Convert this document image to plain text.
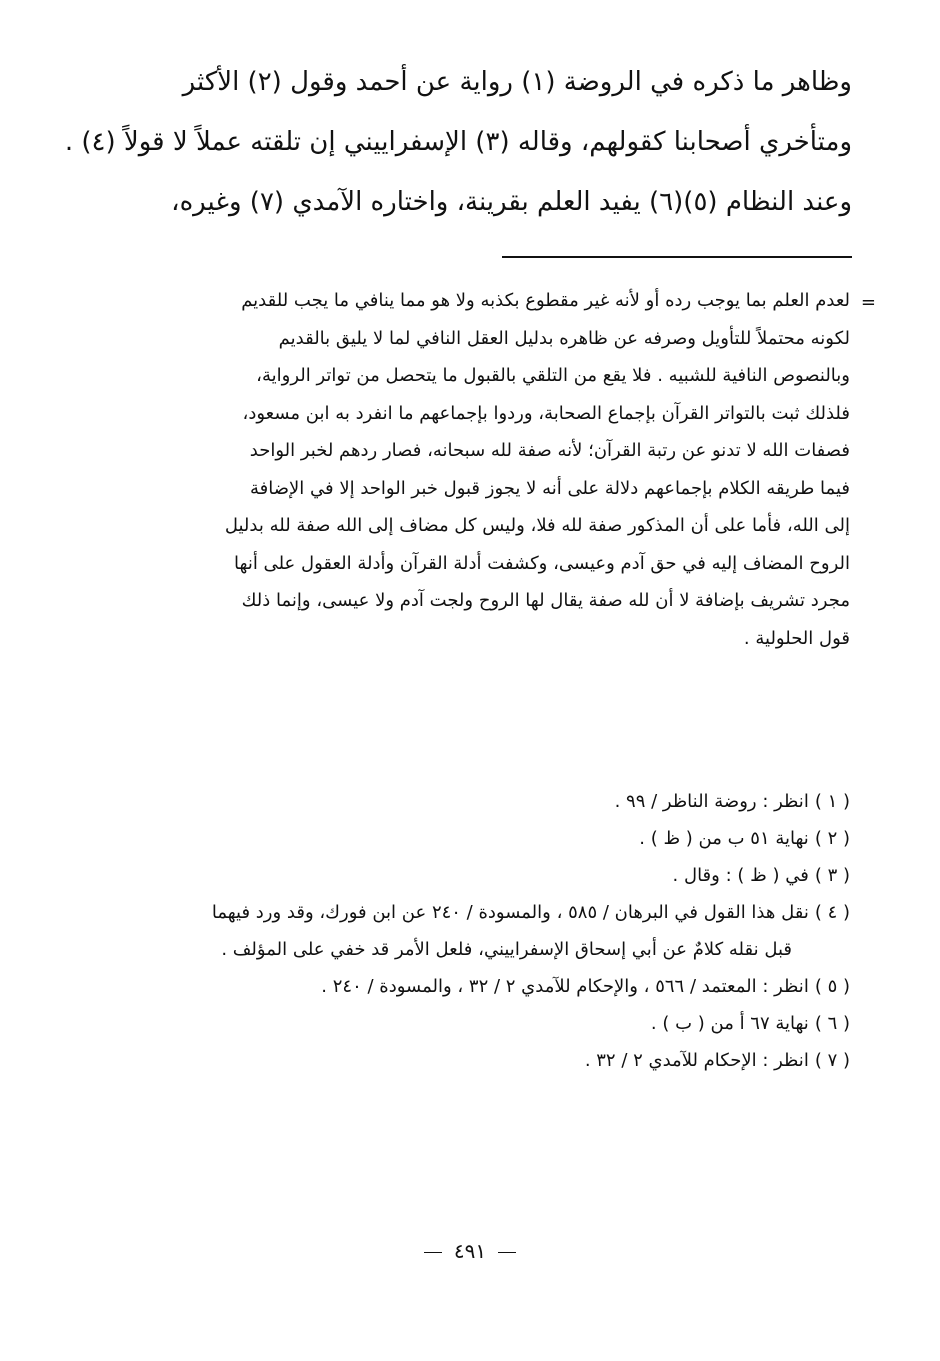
وظاهر ما ذكره في الروضة (١) رواية عن أحمد وقول (٢) الأكثر
ومتأخري أصحابنا كقولهم، وقاله (٣) الإسفراييني إن تلقته عملاً لا قولاً (٤) .
وعند النظام (٥)(٦) يفيد العلم بقرينة، واختاره الآمدي (٧) وغيره،
=
لعدم العلم بما يوجب رده أو لأنه غير مقطوع بكذبه ولا هو مما ينافي ما يجب للقديم
لكونه محتملاً للتأويل وصرفه عن ظاهره بدليل العقل النافي لما لا يليق بالقديم
وبالنصوص النافية للشبيه . فلا يقع من التلقي بالقبول ما يتحصل من تواتر الرواية،
فلذلك ثبت بالتواتر القرآن بإجماع الصحابة، وردوا بإجماعهم ما انفرد به ابن مسعود،
فصفات الله لا تدنو عن رتبة القرآن؛ لأنه صفة لله سبحانه، فصار ردهم لخبر الواحد
فيما طريقه الكلام بإجماعهم دلالة على أنه لا يجوز قبول خبر الواحد إلا في الإضافة
إلى الله، فأما على أن المذكور صفة لله فلا، وليس كل مضاف إلى الله صفة لله بدليل
الروح المضاف إليه في حق آدم وعيسى، وكشفت أدلة القرآن وأدلة العقول على أنها
مجرد تشريف بإضافة لا أن لله صفة يقال لها الروح ولجت آدم ولا عيسى، وإنما ذلك
قول الحلولية .
( ١ )
انظر : روضة الناظر / ٩٩ .
( ٢ )
نهاية ٥١ ب من ( ظ ) .
( ٣ )
في ( ظ ) : وقال .
( ٤ )
نقل هذا القول في البرهان / ٥٨٥ ، والمسودة / ٢٤٠ عن ابن فورك، وقد ورد فيهما
قبل نقله كلامٌ عن أبي إسحاق الإسفراييني، فلعل الأمر قد خفي على المؤلف .
( ٥ )
انظر : المعتمد / ٥٦٦ ، والإحكام للآمدي ٢ / ٣٢ ، والمسودة / ٢٤٠ .
( ٦ )
نهاية ٦٧ أ من ( ب ) .
( ٧ )
انظر : الإحكام للآمدي ٢ / ٣٢ .
٤٩١
